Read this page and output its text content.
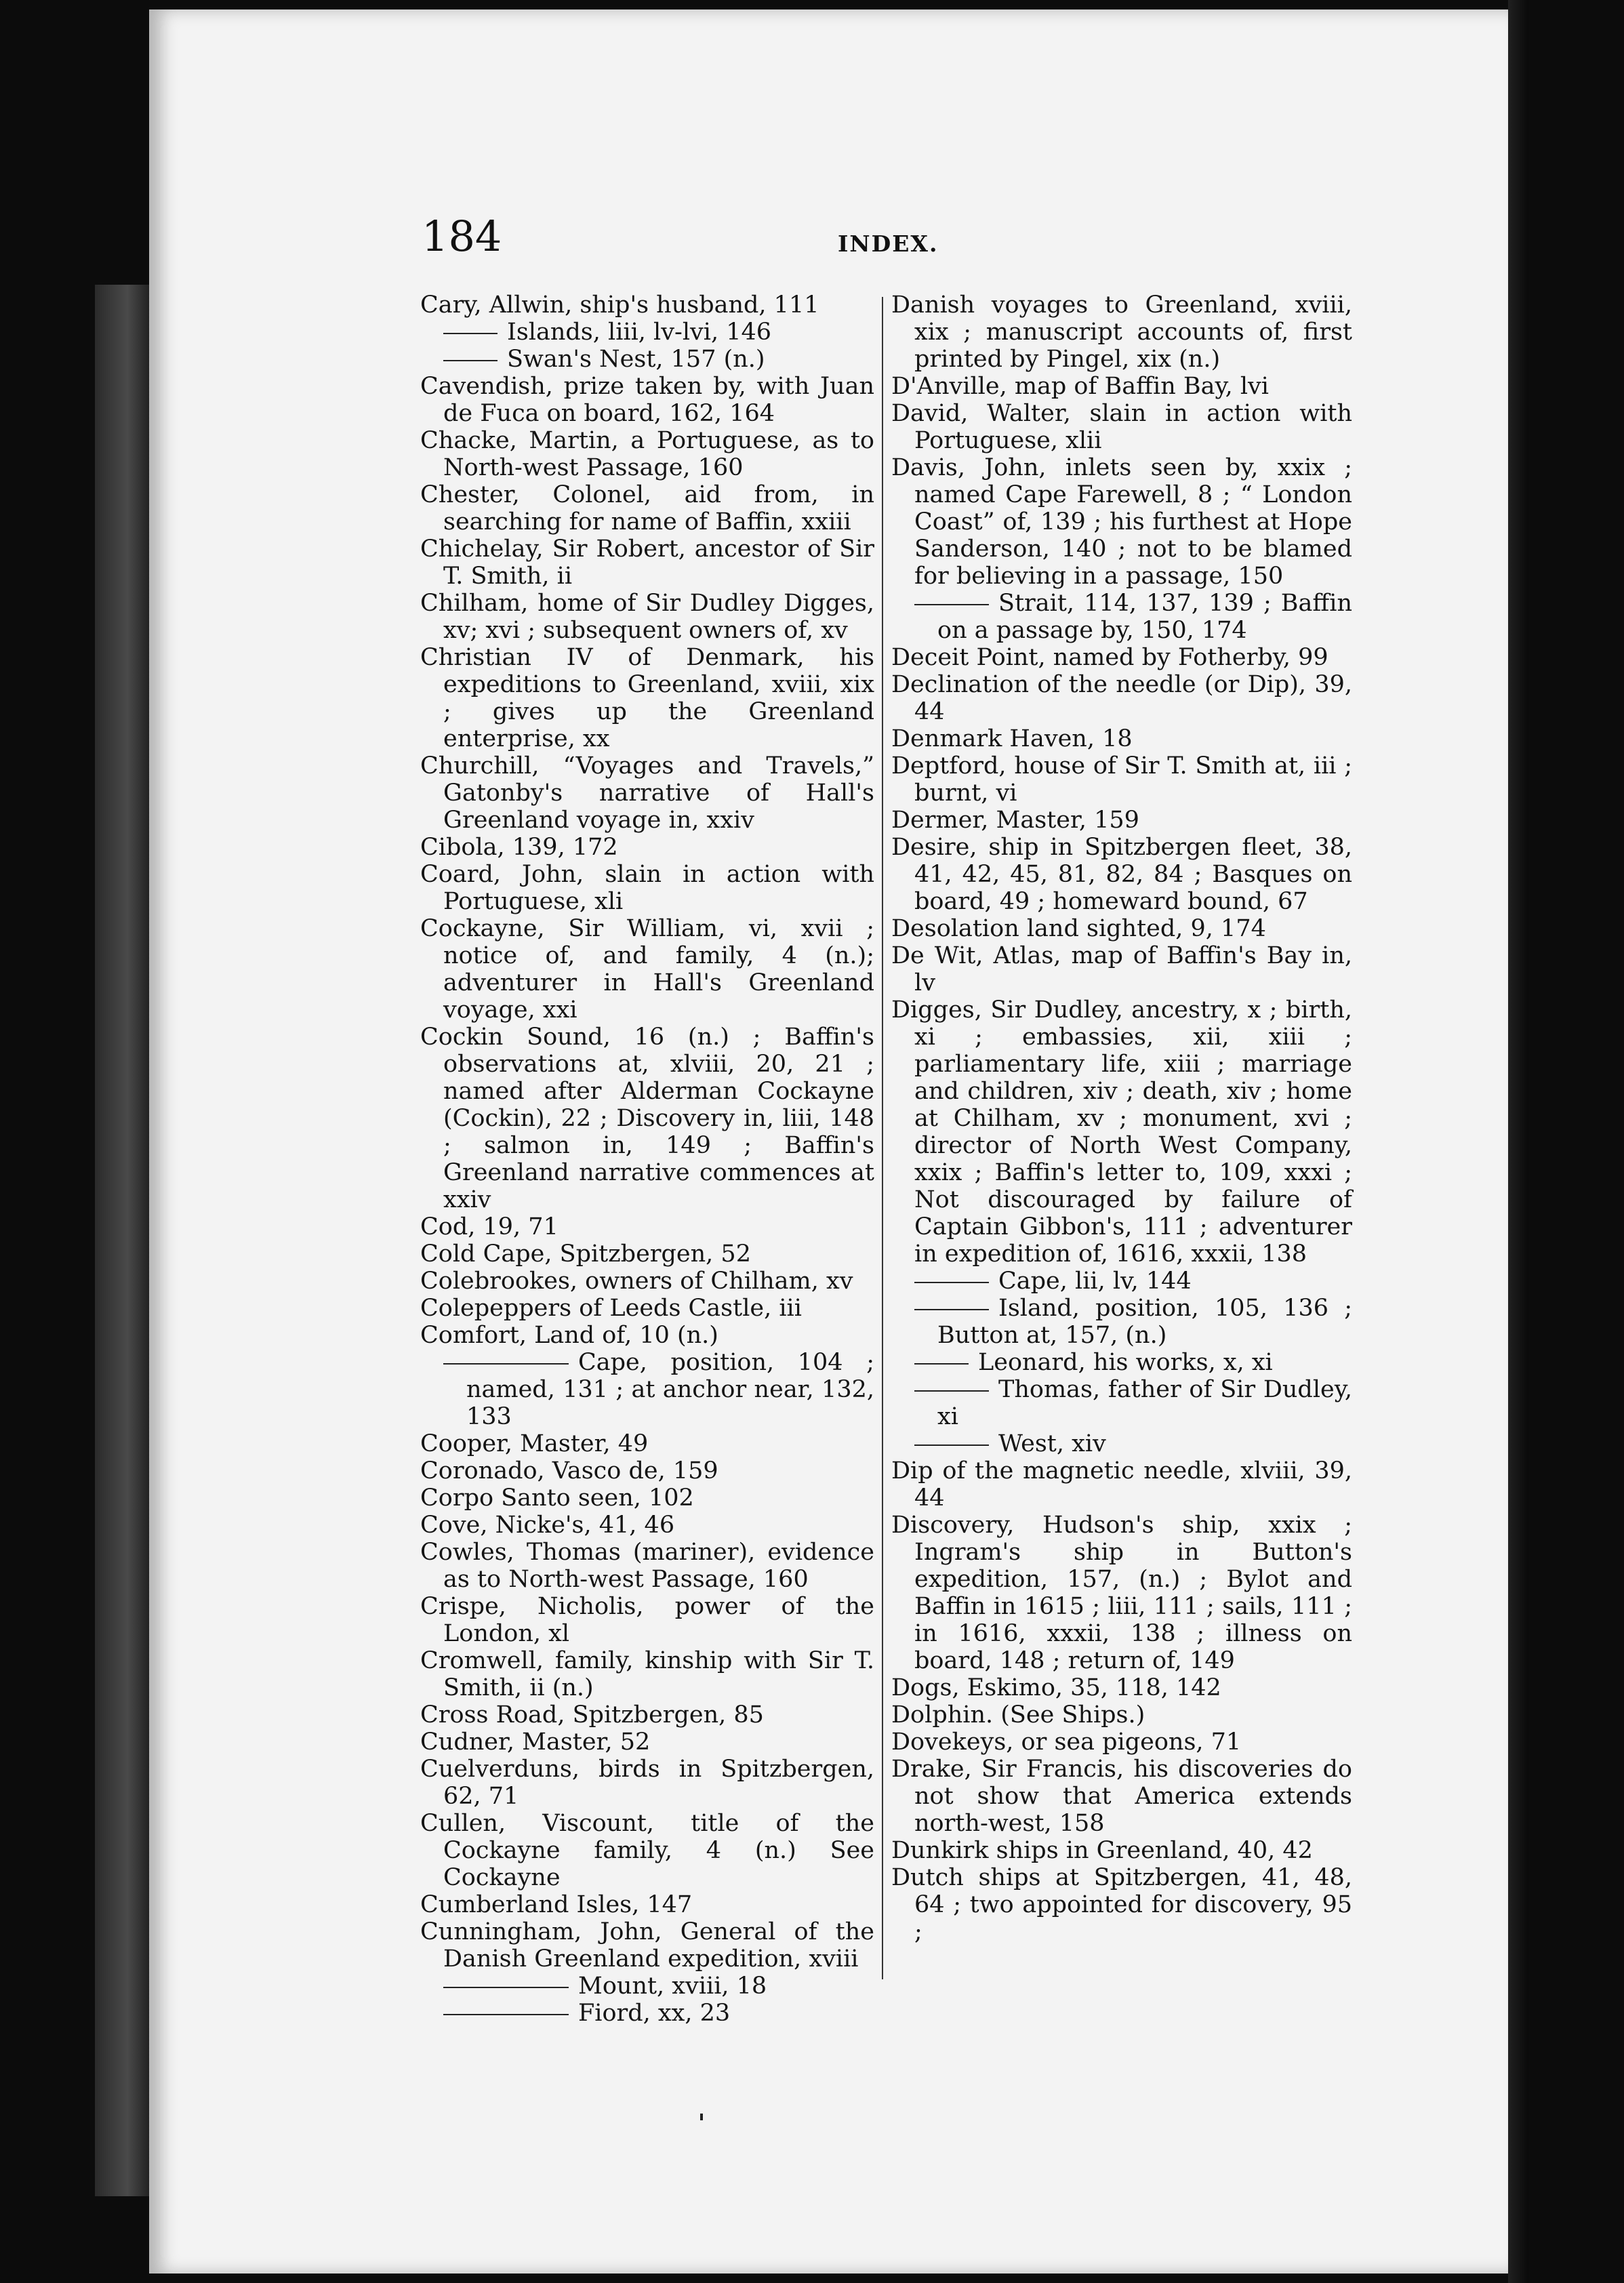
184	INDEX.
Cary, Allwin, ship's husband, 111
Islands, liii, lv-lvi, 146
Swan's Nest, 157 (n.)
Cavendish, prize taken by, with Juan de Fuca on board, 162, 164
Chacke, Martin, a Portuguese, as to North-west Passage, 160
Chester, Colonel, aid from, in searching for name of Baffin, xxiii
Chichelay, Sir Robert, ancestor of Sir T. Smith, ii
Chilham, home of Sir Dudley Digges, xv; xvi ; subsequent owners of, xv
Christian IV of Denmark, his expeditions to Greenland, xviii, xix ; gives up the Greenland enterprise, xx
Churchill, “Voyages and Travels,” Gatonby's narrative of Hall's Greenland voyage in, xxiv
Cibola, 139, 172
Coard, John, slain in action with Portuguese, xli
Cockayne, Sir William, vi, xvii ; notice of, and family, 4 (n.); adventurer in Hall's Greenland voyage, xxi
Cockin Sound, 16 (n.) ; Baffin's observations at, xlviii, 20, 21 ; named after Alderman Cockayne (Cockin), 22 ; Discovery in, liii, 148 ; salmon in, 149 ; Baffin's Greenland narrative commences at xxiv
Cod, 19, 71
Cold Cape, Spitzbergen, 52
Colebrookes, owners of Chilham, xv
Colepeppers of Leeds Castle, iii
Comfort, Land of, 10 (n.)
Cape, position, 104 ; named, 131 ; at anchor near, 132, 133
Cooper, Master, 49
Coronado, Vasco de, 159
Corpo Santo seen, 102
Cove, Nicke's, 41, 46
Cowles, Thomas (mariner), evidence as to North-west Passage, 160
Crispe, Nicholis, power of the London, xl
Cromwell, family, kinship with Sir T. Smith, ii (n.)
Cross Road, Spitzbergen, 85
Cudner, Master, 52
Cuelverduns, birds in Spitzbergen, 62, 71
Cullen, Viscount, title of the Cockayne family, 4 (n.) See Cockayne
Cumberland Isles, 147
Cunningham, John, General of the Danish Greenland expedition, xviii
Mount, xviii, 18
Fiord, xx, 23
Danish voyages to Greenland, xviii, xix ; manuscript accounts of, first printed by Pingel, xix (n.)
D'Anville, map of Baffin Bay, lvi
David, Walter, slain in action with Portuguese, xlii
Davis, John, inlets seen by, xxix ; named Cape Farewell, 8 ; “ London Coast” of, 139 ; his furthest at Hope Sanderson, 140 ; not to be blamed for believing in a passage, 150
Strait, 114, 137, 139 ; Baffin on a passage by, 150, 174
Deceit Point, named by Fotherby, 99
Declination of the needle (or Dip), 39, 44
Denmark Haven, 18
Deptford, house of Sir T. Smith at, iii ; burnt, vi
Dermer, Master, 159
Desire, ship in Spitzbergen fleet, 38, 41, 42, 45, 81, 82, 84 ; Basques on board, 49 ; homeward bound, 67
Desolation land sighted, 9, 174
De Wit, Atlas, map of Baffin's Bay in, lv
Digges, Sir Dudley, ancestry, x ; birth, xi ; embassies, xii, xiii ; parliamentary life, xiii ; marriage and children, xiv ; death, xiv ; home at Chilham, xv ; monument, xvi ; director of North West Company, xxix ; Baffin's letter to, 109, xxxi ; Not discouraged by failure of Captain Gibbon's, 111 ; adventurer in expedition of, 1616, xxxii, 138
Cape, lii, lv, 144
Island, position, 105, 136 ; Button at, 157, (n.)
Leonard, his works, x, xi
Thomas, father of Sir Dudley, xi
West, xiv
Dip of the magnetic needle, xlviii, 39, 44
Discovery, Hudson's ship, xxix ; Ingram's ship in Button's expedition, 157, (n.) ; Bylot and Baffin in 1615 ; liii, 111 ; sails, 111 ; in 1616, xxxii, 138 ; illness on board, 148 ; return of, 149
Dogs, Eskimo, 35, 118, 142
Dolphin. (See Ships.)
Dovekeys, or sea pigeons, 71
Drake, Sir Francis, his discoveries do not show that America extends north-west, 158
Dunkirk ships in Greenland, 40, 42
Dutch ships at Spitzbergen, 41, 48, 64 ; two appointed for discovery, 95 ;
